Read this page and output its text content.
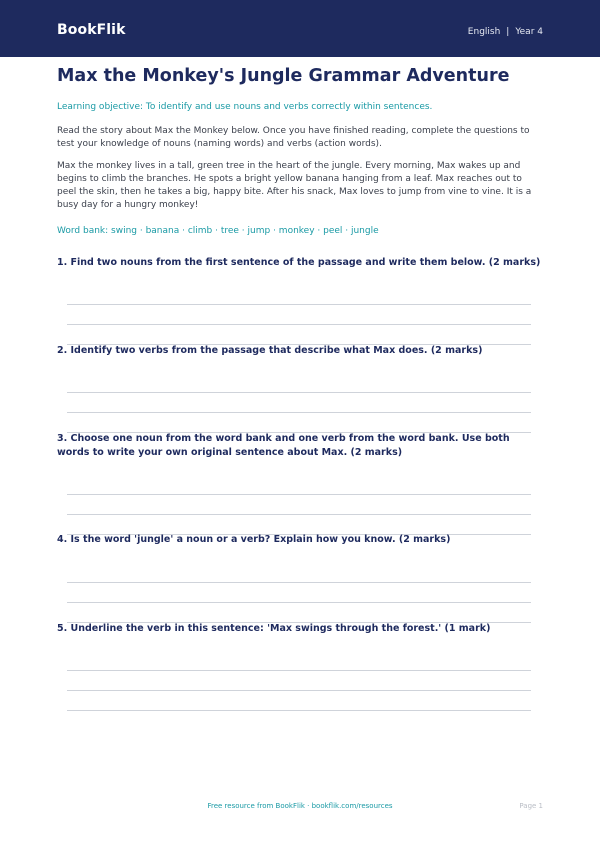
BookFlik	English | Year 4
Max the Monkey's Jungle Grammar Adventure
Learning objective: To identify and use nouns and verbs correctly within sentences.
Read the story about Max the Monkey below. Once you have finished reading, complete the questions to test your knowledge of nouns (naming words) and verbs (action words).
Max the monkey lives in a tall, green tree in the heart of the jungle. Every morning, Max wakes up and begins to climb the branches. He spots a bright yellow banana hanging from a leaf. Max reaches out to peel the skin, then he takes a big, happy bite. After his snack, Max loves to jump from vine to vine. It is a busy day for a hungry monkey!
Word bank: swing · banana · climb · tree · jump · monkey · peel · jungle
1. Find two nouns from the first sentence of the passage and write them below. (2 marks)
2. Identify two verbs from the passage that describe what Max does. (2 marks)
3. Choose one noun from the word bank and one verb from the word bank. Use both words to write your own original sentence about Max. (2 marks)
4. Is the word 'jungle' a noun or a verb? Explain how you know. (2 marks)
5. Underline the verb in this sentence: 'Max swings through the forest.' (1 mark)
Free resource from BookFlik · bookflik.com/resources	Page 1
